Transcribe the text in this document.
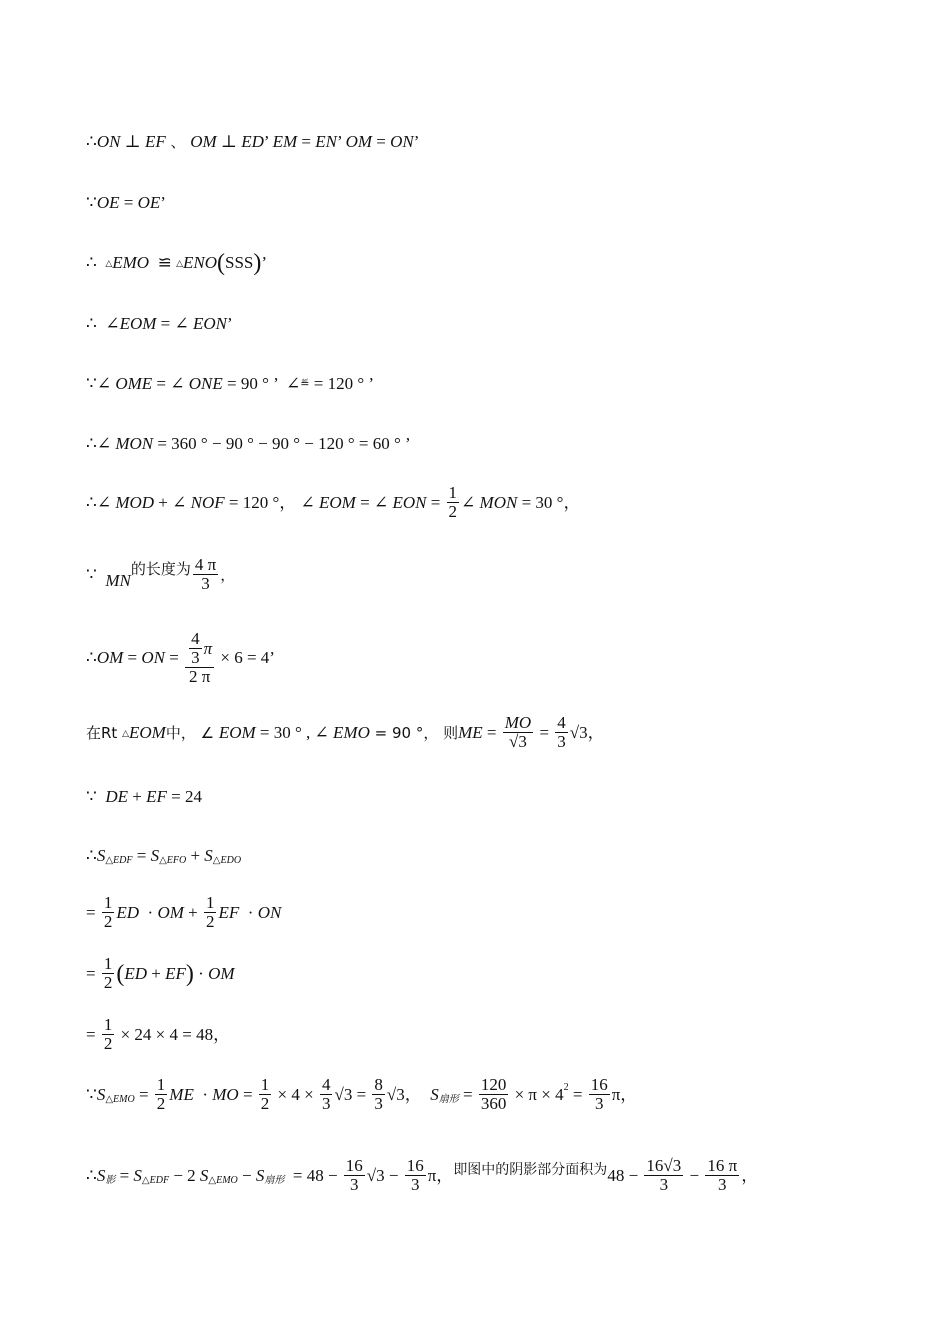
∴ ON ⊥ EF 、 OM ⊥ ED ’ EM = EN ’ OM = ON ’
∵ OE = OE ’
∴ △ EMO ≌ △ ENO ( SSS ) ’
∴  ∠ EOM = ∠ EON ’
∵∠ OME = ∠ ONE = 90 ° ’  ∠ ≝ = 120 ° ’
∴∠ MON = 360 ° − 90 ° − 90 ° − 120 ° = 60 ° ’
∴∠ MOD + ∠ NOF = 120 °， ∠ EOM = ∠ EON = $\frac{1}{2}$ ∠ MON = 30 °，
∵ MN
的长度为 $\frac{4 \pi}{3}$ ，
∴ OM = ON = $\frac{\frac{4}{3} \pi}{2 \pi} \times 6 = 4$’
在Rt △ EOM 中， ∠ EOM = 30 ° , ∠ EMO = 90 °， 则 ME = $\frac{MO}{√3} = \frac{4}{3} √3$，
∵ DE + EF = 24
∴ S △EDF = S △EFO + S △EDO
= $\frac{1}{2}$ ED · OM + $\frac{1}{2}$ EF · ON
= $\frac{1}{2}$ ( ED + EF ) · OM
= $\frac{1}{2} \times 24 \times 4 = 48$，
∵ S △EMO = $\frac{1}{2}$ ME · MO = $\frac{1}{2} \times 4 \times \frac{4}{3} √3 = \frac{8}{3} √3$， S 扇形 = $\frac{120}{360} \times \pi \times 4$ $2 = \frac{16}{3}$ π，
∴ S 影 = S △EDF − 2 S △EMO − S 扇形 = $48 - \frac{16}{3} √3 - \frac{16}{3}$ π， 即图中的阴影部分面积为 $48 - \frac{16√3}{3} - \frac{16 \pi}{3}$ ，
